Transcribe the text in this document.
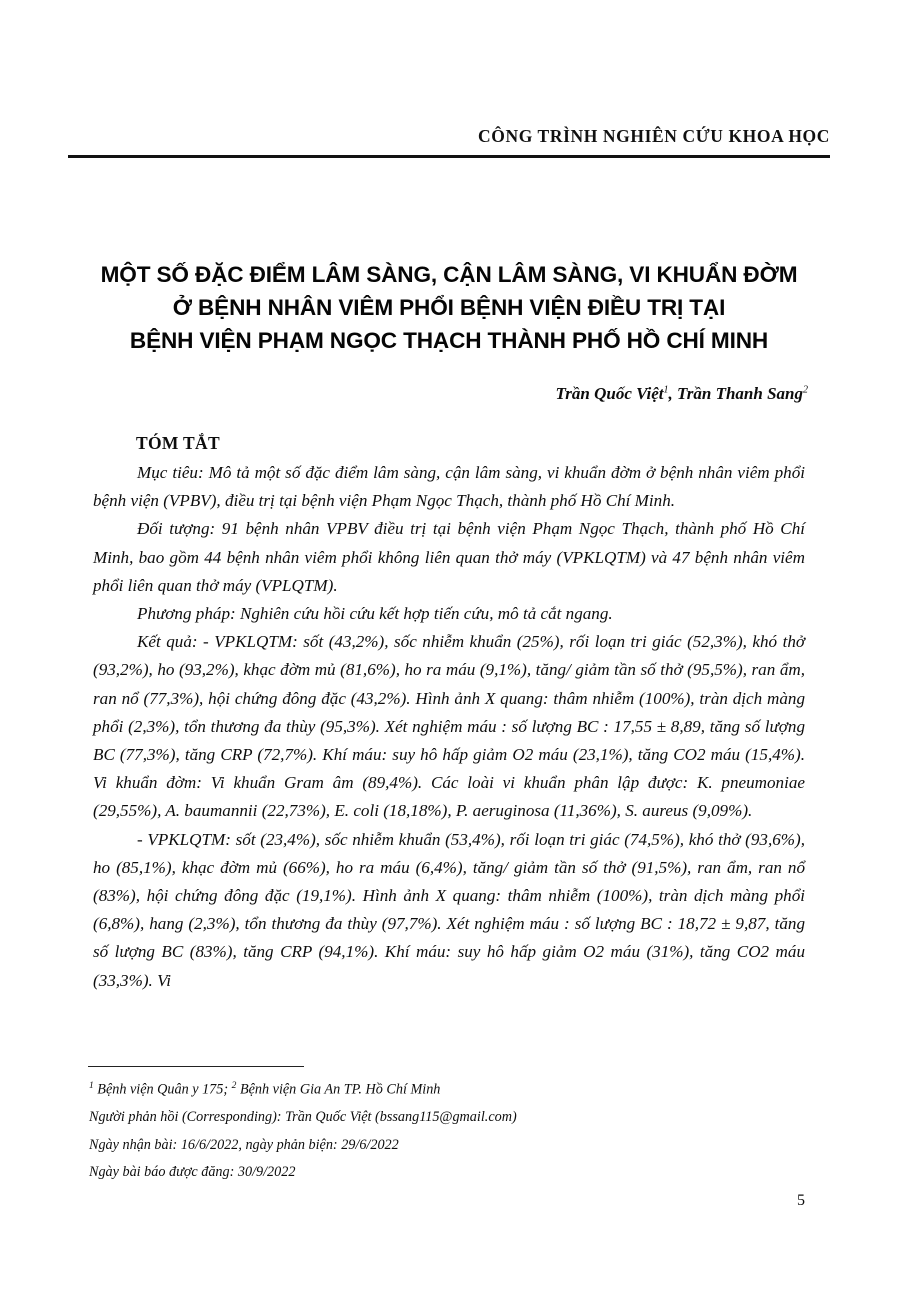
CÔNG TRÌNH NGHIÊN CỨU KHOA HỌC
MỘT SỐ ĐẶC ĐIỂM LÂM SÀNG, CẬN LÂM SÀNG, VI KHUẨN ĐỜM
Ở BỆNH NHÂN VIÊM PHỔI BỆNH VIỆN ĐIỀU TRỊ TẠI
BỆNH VIỆN PHẠM NGỌC THẠCH THÀNH PHỐ HỒ CHÍ MINH
Trần Quốc Việt$^1$, Trần Thanh Sang$^2$
TÓM TẮT

Mục tiêu: Mô tả một số đặc điểm lâm sàng, cận lâm sàng, vi khuẩn đờm ở bệnh nhân viêm phổi bệnh viện (VPBV), điều trị tại bệnh viện Phạm Ngọc Thạch, thành phố Hồ Chí Minh.

Đối tượng: 91 bệnh nhân VPBV điều trị tại bệnh viện Phạm Ngọc Thạch, thành phố Hồ Chí Minh, bao gồm 44 bệnh nhân viêm phổi không liên quan thở máy (VPKLQTM) và 47 bệnh nhân viêm phổi liên quan thở máy (VPLQTM).

Phương pháp: Nghiên cứu hồi cứu kết hợp tiến cứu, mô tả cắt ngang.

Kết quả: - VPKLQTM: sốt (43,2%), sốc nhiễm khuẩn (25%), rối loạn tri giác (52,3%), khó thở (93,2%), ho (93,2%), khạc đờm mủ (81,6%), ho ra máu (9,1%), tăng/ giảm tần số thở (95,5%), ran ẩm, ran nổ (77,3%), hội chứng đông đặc (43,2%). Hình ảnh X quang: thâm nhiễm (100%), tràn dịch màng phổi (2,3%), tổn thương đa thùy (95,3%). Xét nghiệm máu : số lượng BC : 17,55 ± 8,89, tăng số lượng BC (77,3%), tăng CRP (72,7%). Khí máu: suy hô hấp giảm O2 máu (23,1%), tăng CO2 máu (15,4%). Vi khuẩn đờm: Vi khuẩn Gram âm (89,4%). Các loài vi khuẩn phân lập được: K. pneumoniae (29,55%), A. baumannii (22,73%), E. coli (18,18%), P. aeruginosa (11,36%), S. aureus (9,09%).

- VPKLQTM: sốt (23,4%), sốc nhiễm khuẩn (53,4%), rối loạn tri giác (74,5%), khó thở (93,6%), ho (85,1%), khạc đờm mủ (66%), ho ra máu (6,4%), tăng/ giảm tần số thở (91,5%), ran ẩm, ran nổ (83%), hội chứng đông đặc (19,1%). Hình ảnh X quang: thâm nhiễm (100%), tràn dịch màng phổi (6,8%), hang (2,3%), tổn thương đa thùy (97,7%). Xét nghiệm máu : số lượng BC : 18,72 ± 9,87, tăng số lượng BC (83%), tăng CRP (94,1%). Khí máu: suy hô hấp giảm O2 máu (31%), tăng CO2 máu (33,3%). Vi

$^1$ Bệnh viện Quân y 175; $^2$ Bệnh viện Gia An TP. Hồ Chí Minh
Người phản hồi (Corresponding): Trần Quốc Việt (bssang115@gmail.com)
Ngày nhận bài: 16/6/2022, ngày phản biện: 29/6/2022
Ngày bài báo được đăng: 30/9/2022
5
